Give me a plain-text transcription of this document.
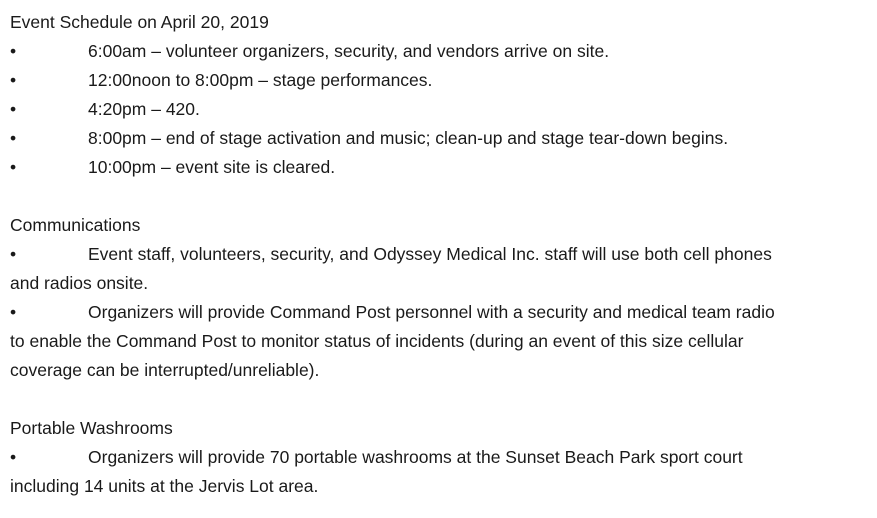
Event Schedule on April 20, 2019
•	6:00am – volunteer organizers, security, and vendors arrive on site.
•	12:00noon to 8:00pm – stage performances.
•	4:20pm – 420.
•	8:00pm – end of stage activation and music; clean-up and stage tear-down begins.
•	10:00pm – event site is cleared.
Communications
•	Event staff, volunteers, security, and Odyssey Medical Inc. staff will use both cell phones
and radios onsite.
•	Organizers will provide Command Post personnel with a security and medical team radio
to enable the Command Post to monitor status of incidents (during an event of this size cellular
coverage can be interrupted/unreliable).
Portable Washrooms
•	Organizers will provide 70 portable washrooms at the Sunset Beach Park sport court
including 14 units at the Jervis Lot area.
